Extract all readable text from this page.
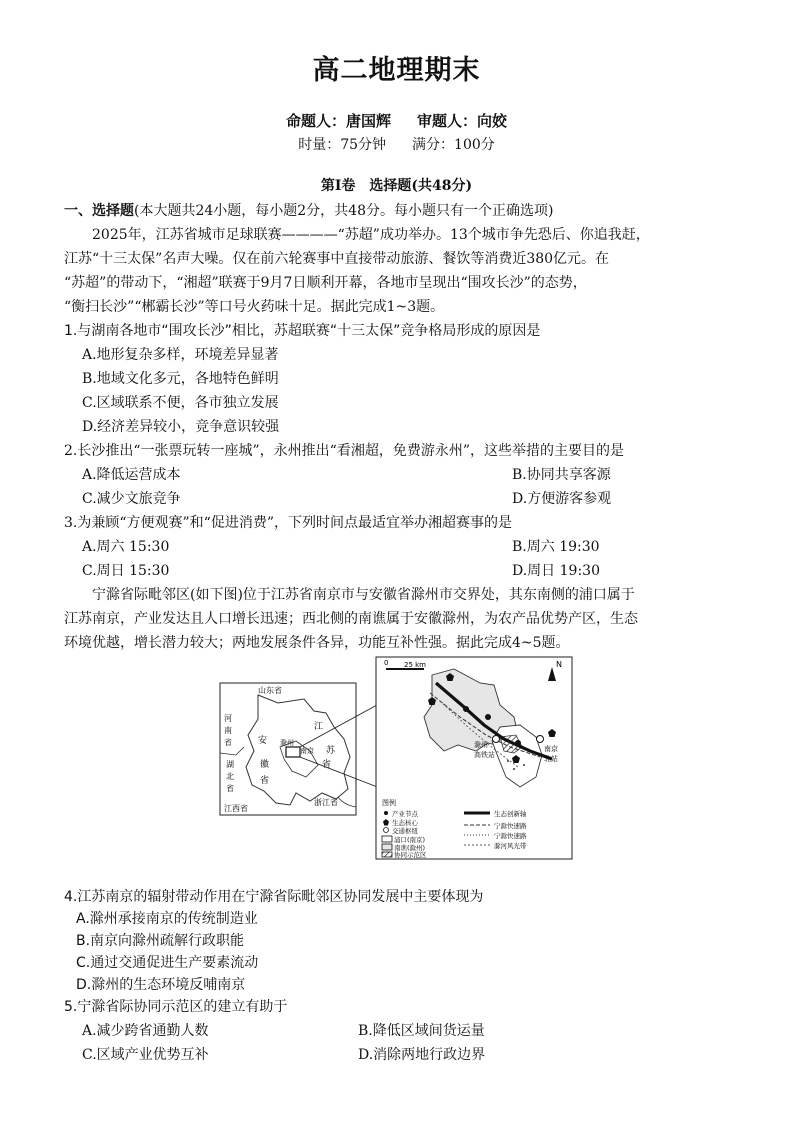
高二地理期末
命题人：唐国辉 审题人：向姣
时量：75分钟 满分：100分
第Ⅰ卷　选择题(共48分)
一、选择题(本大题共24小题，每小题2分，共48分。每小题只有一个正确选项)
2025年，江苏省城市足球联赛————“苏超”成功举办。13个城市争先恐后、你追我赶，
江苏“十三太保”名声大噪。仅在前六轮赛事中直接带动旅游、餐饮等消费近380亿元。在
“苏超”的带动下，“湘超”联赛于9月7日顺利开幕，各地市呈现出“围攻长沙”的态势，
“衡扫长沙”“郴霸长沙”等口号火药味十足。据此完成1~3题。
1.与湖南各地市“围攻长沙”相比，苏超联赛“十三太保”竞争格局形成的原因是
A.地形复杂多样，环境差异显著
B.地域文化多元，各地特色鲜明
C.区域联系不便，各市独立发展
D.经济差异较小，竞争意识较强
2.长沙推出“一张票玩转一座城”，永州推出“看湘超，免费游永州”，这些举措的主要目的是
A.降低运营成本	B.协同共享客源
C.减少文旅竞争	D.方便游客参观
3.为兼顾“方便观赛”和“促进消费”，下列时间点最适宜举办湘超赛事的是
A.周六 15:30	B.周六 19:30
C.周日 15:30	D.周日 19:30
宁滁省际毗邻区(如下图)位于江苏省南京市与安徽省滁州市交界处，其东南侧的浦口属于
江苏南京，产业发达且人口增长迅速；西北侧的南谯属于安徽滁州，为农产品优势产区，生态
环境优越，增长潜力较大；两地发展条件各异，功能互补性强。据此完成4~5题。
山东省
江
苏
省
安
徽
省
河
南
省
湖
北
省
江西省
浙江省
滁州
南京
0 25 km	N
滁州
高铁站
南京
北站
图例
产业节点
生态核心
交通枢纽
浦口(南京)
南谯(滁州)
协同示范区
生态创新轴
宁滁快速路
宁滁快速路
滁河风光带
4.江苏南京的辐射带动作用在宁滁省际毗邻区协同发展中主要体现为
A.滁州承接南京的传统制造业
B.南京向滁州疏解行政职能
C.通过交通促进生产要素流动
D.滁州的生态环境反哺南京
5.宁滁省际协同示范区的建立有助于
A.减少跨省通勤人数	B.降低区域间货运量
C.区域产业优势互补	D.消除两地行政边界
